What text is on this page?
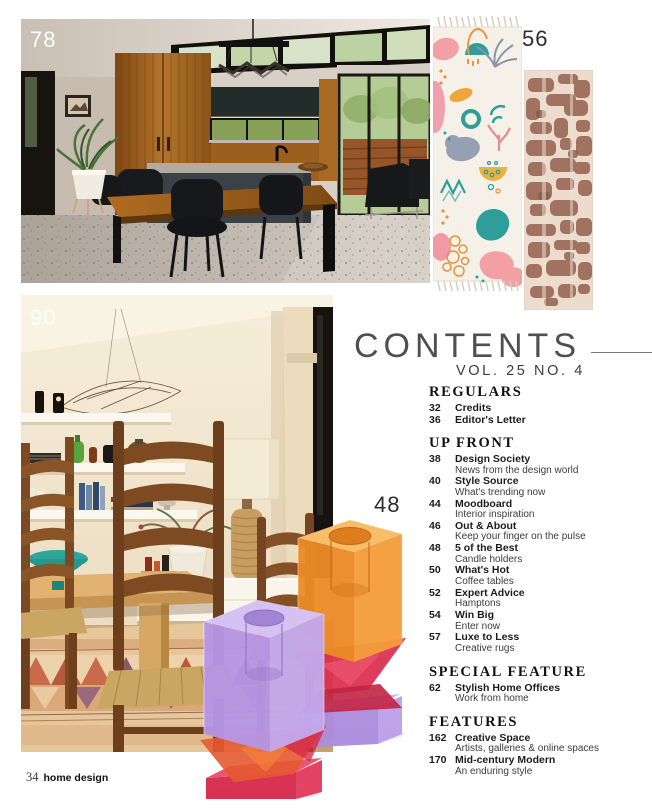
78	56
90
48
CONTENTS
VOL. 25 NO. 4
REGULARS
32	Credits
36	Editor's Letter
UP FRONT
38	Design Society
News from the design world
40	Style Source
What's trending now
44	Moodboard
Interior inspiration
46	Out & About
Keep your finger on the pulse
48	5 of the Best
Candle holders
50	What's Hot
Coffee tables
52	Expert Advice
Hamptons
54	Win Big
Enter now
57	Luxe to Less
Creative rugs
SPECIAL FEATURE
62	Stylish Home Offices
Work from home
FEATURES
162 Creative Space
Artists, galleries & online spaces
170 Mid-century Modern
An enduring style
34 home design
